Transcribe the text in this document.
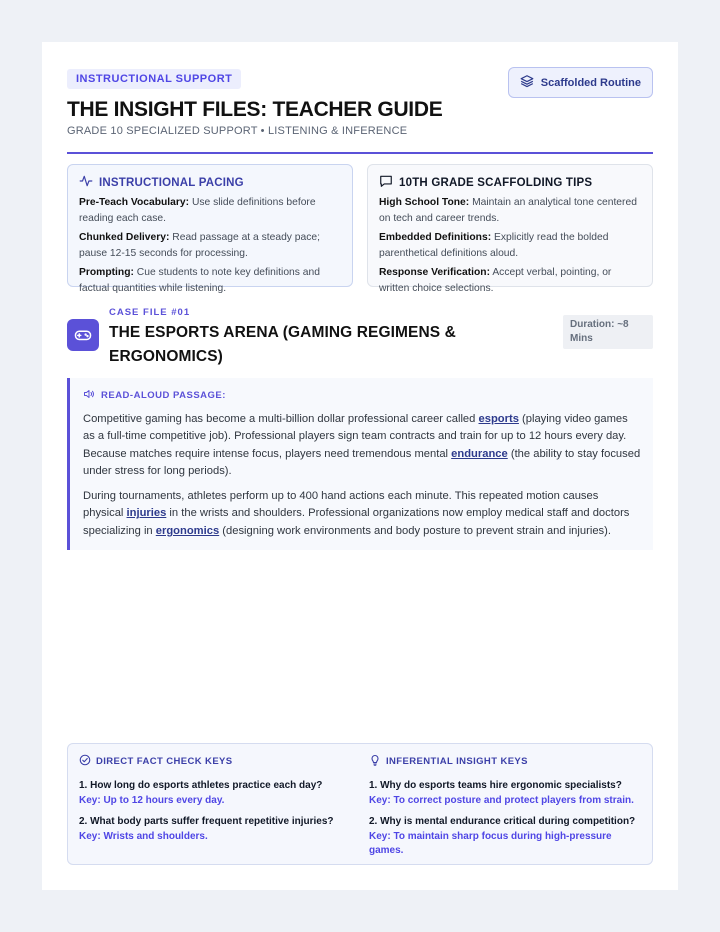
INSTRUCTIONAL SUPPORT	Scaffolded Routine
THE INSIGHT FILES: TEACHER GUIDE
GRADE 10 SPECIALIZED SUPPORT • LISTENING & INFERENCE
INSTRUCTIONAL PACING
Pre-Teach Vocabulary: Use slide definitions before reading each case.
Chunked Delivery: Read passage at a steady pace; pause 12-15 seconds for processing.
Prompting: Cue students to note key definitions and factual quantities while listening.
10TH GRADE SCAFFOLDING TIPS
High School Tone: Maintain an analytical tone centered on tech and career trends.
Embedded Definitions: Explicitly read the bolded parenthetical definitions aloud.
Response Verification: Accept verbal, pointing, or written choice selections.
CASE FILE #01
THE ESPORTS ARENA (GAMING REGIMENS & ERGONOMICS)
Duration: ~8 Mins
READ-ALOUD PASSAGE:

Competitive gaming has become a multi-billion dollar professional career called esports (playing video games as a full-time competitive job). Professional players sign team contracts and train for up to 12 hours every day. Because matches require intense focus, players need tremendous mental endurance (the ability to stay focused under stress for long periods).

During tournaments, athletes perform up to 400 hand actions each minute. This repeated motion causes physical injuries in the wrists and shoulders. Professional organizations now employ medical staff and doctors specializing in ergonomics (designing work environments and body posture to prevent strain and injuries).

DIRECT FACT CHECK KEYS
1. How long do esports athletes practice each day?
Key: Up to 12 hours every day.
2. What body parts suffer frequent repetitive injuries?
Key: Wrists and shoulders.
INFERENTIAL INSIGHT KEYS
1. Why do esports teams hire ergonomic specialists?
Key: To correct posture and protect players from strain.
2. Why is mental endurance critical during competition?
Key: To maintain sharp focus during high-pressure games.
